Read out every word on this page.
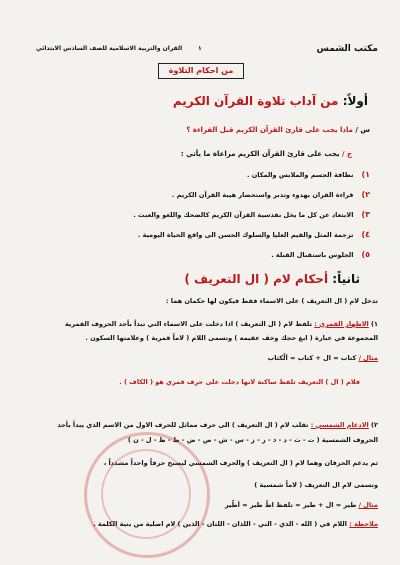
مكتب الشمس
١
القران والتربية الاسلامية للصف السادس الابتدائي
من احكام التلاوة
أولاً: من آداب تلاوة القرآن الكريم
س / ماذا يجب على قارئ القرآن الكريم قبل القراءة ؟
ج / يجب على قارئ القرآن الكريم مراعاة ما يأتي :
١)نظافة الجسم والملابس والمكان .
٢)قراءة القران بهدوء وتدبر واستحضار هيبة القرآن الكريم .
٣)الابتعاد عن كل ما يخل بقدسية القرآن الكريم كالضحك واللغو والعبث .
٤)ترجمة المثل والقيم العليا والسلوك الحسن الى واقع الحياة اليومية .
٥)الجلوس باستقبال القبلة .
ثانياً: أحكام لام ( ال التعريف )
تدخل لام ( ال التعريف ) على الاسماء فقط فيكون لها حكمان هما :
١) الاظهار القمري : تلفظ لام ( ال التعريف ) اذا دخلت على الاسماء التي تبدأ بأحد الحروف القمرية
المجموعة في عبارة ( ابغ حجك وخف عقيمه ) وتسمى اللام ( لاماً قمرية ) وعلامتها السكون .
مثال / كتاب = ال + كتاب = اَلْكتاب
فلام ( ال ) التعريف تلفظ ساكنة لانها دخلت على حرف قمري هو ( الكاف ) .
٢) الادغام الشمسي : تقلب لام ( ال التعريف ) الى حرف مماثل للحرف الاول من الاسم الذي يبدأ بأحد
الحروف الشمسية ( ت - ث - د - ذ - ر - ز - س - ش - ص - ض - ط - ظ - ل - ن )
ثم يدغم الحرفان وهما لام ( ال التعريف ) والحرف الشمسي ليصبح حرفاً واحداً مشدداً ،
وتسمى لام ال التعريف ( لاماً شمسية )
مثال / طير = ال + طير = تلفظ اطْ طير = اَطّير
ملاحظة : اللام في ( الله - الذي - التي - اللذان - اللتان - الذين ) لام اصلية من بنية الكلمة .
